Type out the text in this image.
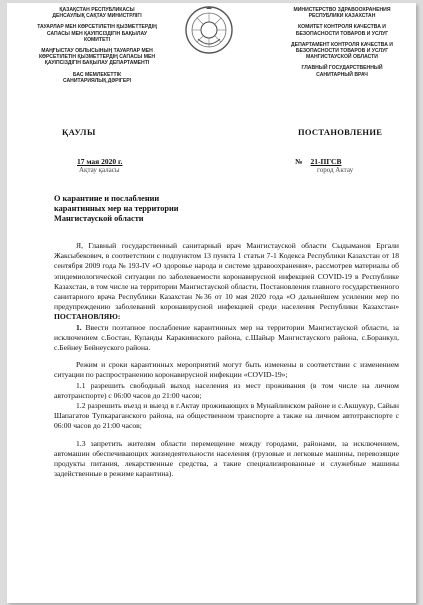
ҚАЗАҚСТАН РЕСПУБЛИКАСЫ

ДЕНСАУЛЫҚ САҚТАУ МИНИСТРЛІГІ

ТАУАРЛАР МЕН КӨРСЕТІЛЕТІН ҚЫЗМЕТТЕРДІҢ

САПАСЫ МЕН ҚАУІПСІЗДІГІН БАҚЫЛАУ

КОМИТЕТІ

МАҢҒЫСТАУ ОБЛЫСЫНЫҢ ТАУАРЛАР МЕН

КӨРСЕТІЛЕТІН ҚЫЗМЕТТЕРДІҢ САПАСЫ МЕН

ҚАУІПСІЗДІГІН БАҚЫЛАУ ДЕПАРТАМЕНТІ

БАС МЕМЛЕКЕТТІК

САНИТАРИЯЛЫҚ ДӘРІГЕРІ

МИНИСТЕРСТВО ЗДРАВООХРАНЕНИЯ

РЕСПУБЛИКИ КАЗАХСТАН

КОМИТЕТ КОНТРОЛЯ КАЧЕСТВА И

БЕЗОПАСНОСТИ ТОВАРОВ И УСЛУГ

ДЕПАРТАМЕНТ КОНТРОЛЯ КАЧЕСТВА И

БЕЗОПАСНОСТИ ТОВАРОВ И УСЛУГ

МАНГИСТАУСКОЙ ОБЛАСТИ

ГЛАВНЫЙ ГОСУДАРСТВЕННЫЙ

САНИТАРНЫЙ ВРАЧ

ҚАУЛЫ	ПОСТАНОВЛЕНИЕ
17 мая 2020 г.
Ақтау қаласы
№ 21-ПГСВ
город Актау

О карантине и послаблении

карантинных мер на территории

Мангистауской области

Я, Главный государственный санитарный врач Мангистауской области Сыдыманов Ергали Жаксыбекович, в соответствии с подпунктом 13 пункта 1 статьи 7-1 Кодекса Республики Казахстан от 18 сентября 2009 года № 193-IV «О здоровье народа и системе здравоохранения», рассмотрев материалы об эпидемиологической ситуации по заболеваемости коронавирусной инфекцией COVID-19 в Республике Казахстан, в том числе на территории Мангистауской области, Постановления главного государственного санитарного врача Республики Казахстан №36 от 10 мая 2020 года «О дальнейшем усилении мер по предупреждению заболеваний коронавирусной инфекцией среди населения Республики Казахстан» ПОСТАНОВЛЯЮ:

1. Ввести поэтапное послабление карантинных мер на территории Мангистауской области, за исключением с.Бостан, Куланды Каракиянского района, с.Шайыр Мангистауского района, с.Боранкул, с.Бейнеу Бейнеуского района.

Режим и сроки карантинных мероприятий могут быть изменены в соответствии с изменением ситуации по распространению коронавирусной инфекции «COVID-19»;

1.1 разрешить свободный выход населения из мест проживания (в том числе на личном автотранспорте) с 06:00 часов до 21:00 часов;

1.2 разрешить въезд и выезд в г.Актау проживающих в Мунайлинском районе и с.Акшукур, Сайын Шапагатов Тупкараганского района, на общественном транспорте а также на личном автотранспорте с 06:00 часов до 21:00 часов;

1.3 запретить жителям области перемещение между городами, районами, за исключением, автомашин обеспечивающих жизнедеятельности населения (грузовые и легковые машины, перевозящие продукты питания, лекарственные средства, а такие специализированные и служебные машины задейственные в режиме карантина).
